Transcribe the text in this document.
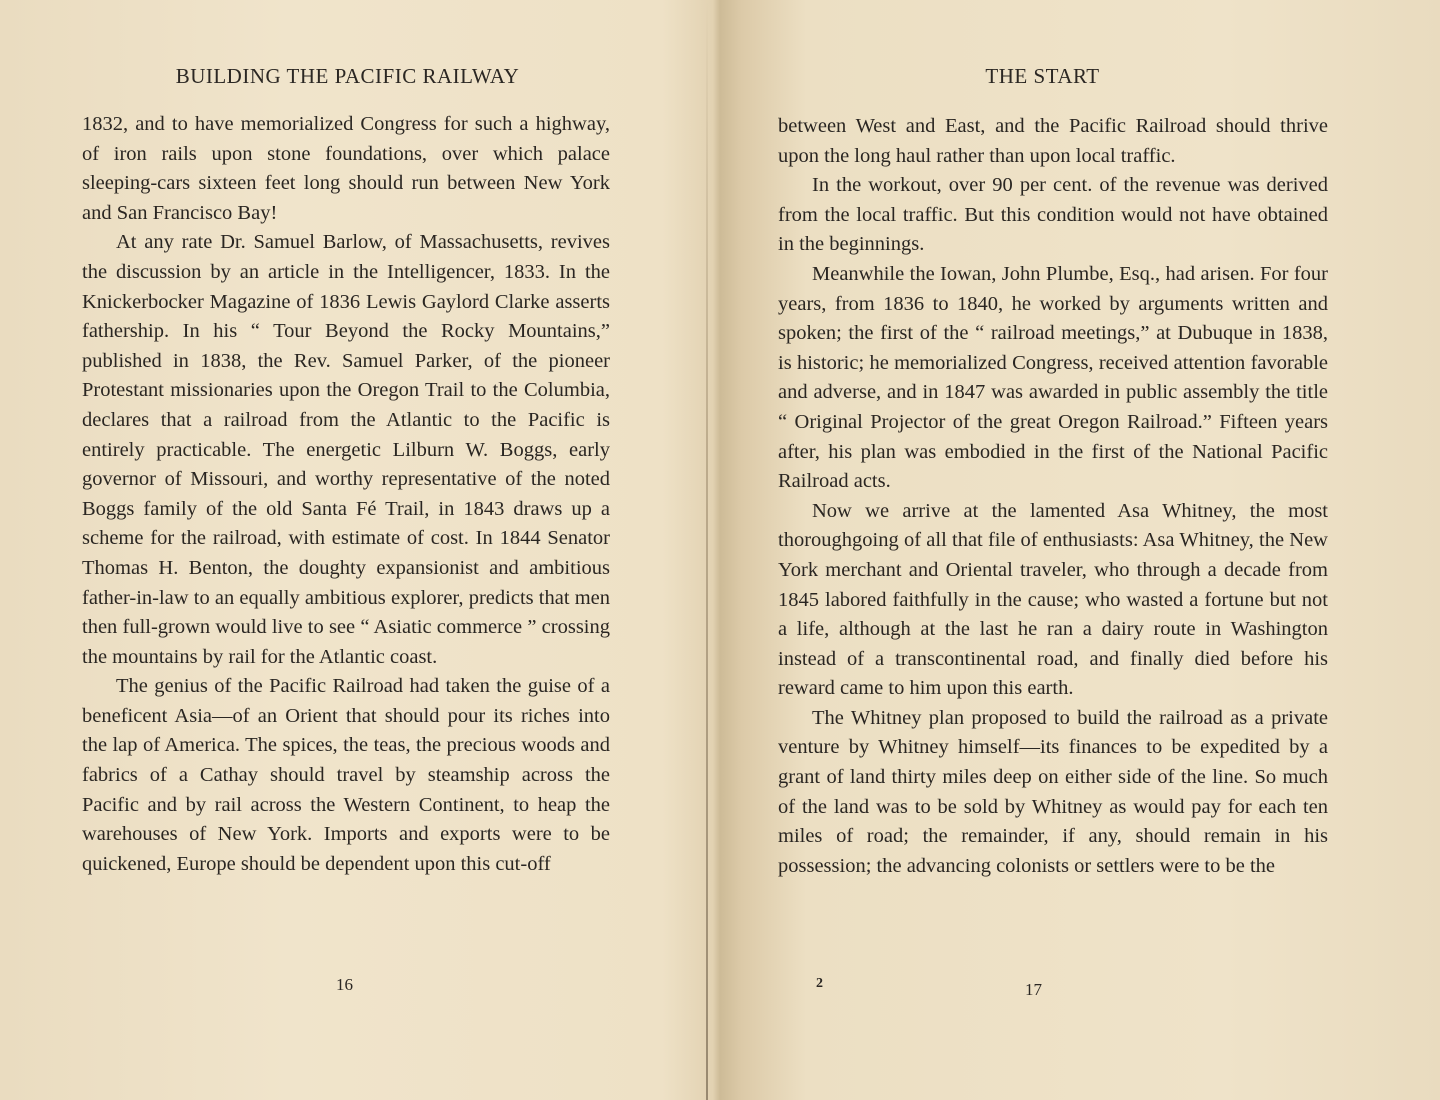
BUILDING THE PACIFIC RAILWAY

1832, and to have memorialized Congress for such a highway, of iron rails upon stone foundations, over which palace sleeping-cars sixteen feet long should run between New York and San Francisco Bay!

At any rate Dr. Samuel Barlow, of Massachusetts, revives the discussion by an article in the Intelligencer, 1833. In the Knickerbocker Magazine of 1836 Lewis Gaylord Clarke asserts fathership. In his “ Tour Beyond the Rocky Mountains,” published in 1838, the Rev. Samuel Parker, of the pioneer Protestant missionaries upon the Oregon Trail to the Columbia, declares that a railroad from the Atlantic to the Pacific is entirely practicable. The energetic Lilburn W. Boggs, early governor of Missouri, and worthy representative of the noted Boggs family of the old Santa Fé Trail, in 1843 draws up a scheme for the railroad, with estimate of cost. In 1844 Senator Thomas H. Benton, the doughty expansionist and ambitious father-in-law to an equally ambitious explorer, predicts that men then full-grown would live to see “ Asiatic commerce ” crossing the mountains by rail for the Atlantic coast.

The genius of the Pacific Railroad had taken the guise of a beneficent Asia—of an Orient that should pour its riches into the lap of America. The spices, the teas, the precious woods and fabrics of a Cathay should travel by steamship across the Pacific and by rail across the Western Continent, to heap the warehouses of New York. Imports and exports were to be quickened, Europe should be dependent upon this cut-off

16
THE START

between West and East, and the Pacific Railroad should thrive upon the long haul rather than upon local traffic.

In the workout, over 90 per cent. of the revenue was derived from the local traffic. But this condition would not have obtained in the beginnings.

Meanwhile the Iowan, John Plumbe, Esq., had arisen. For four years, from 1836 to 1840, he worked by arguments written and spoken; the first of the “ railroad meetings,” at Dubuque in 1838, is historic; he memorialized Congress, received attention favorable and adverse, and in 1847 was awarded in public assembly the title “ Original Projector of the great Oregon Railroad.” Fifteen years after, his plan was embodied in the first of the National Pacific Railroad acts.

Now we arrive at the lamented Asa Whitney, the most thoroughgoing of all that file of enthusiasts: Asa Whitney, the New York merchant and Oriental traveler, who through a decade from 1845 labored faithfully in the cause; who wasted a fortune but not a life, although at the last he ran a dairy route in Washington instead of a transcontinental road, and finally died before his reward came to him upon this earth.

The Whitney plan proposed to build the railroad as a private venture by Whitney himself—its finances to be expedited by a grant of land thirty miles deep on either side of the line. So much of the land was to be sold by Whitney as would pay for each ten miles of road; the remainder, if any, should remain in his possession; the advancing colonists or settlers were to be the

2	17
